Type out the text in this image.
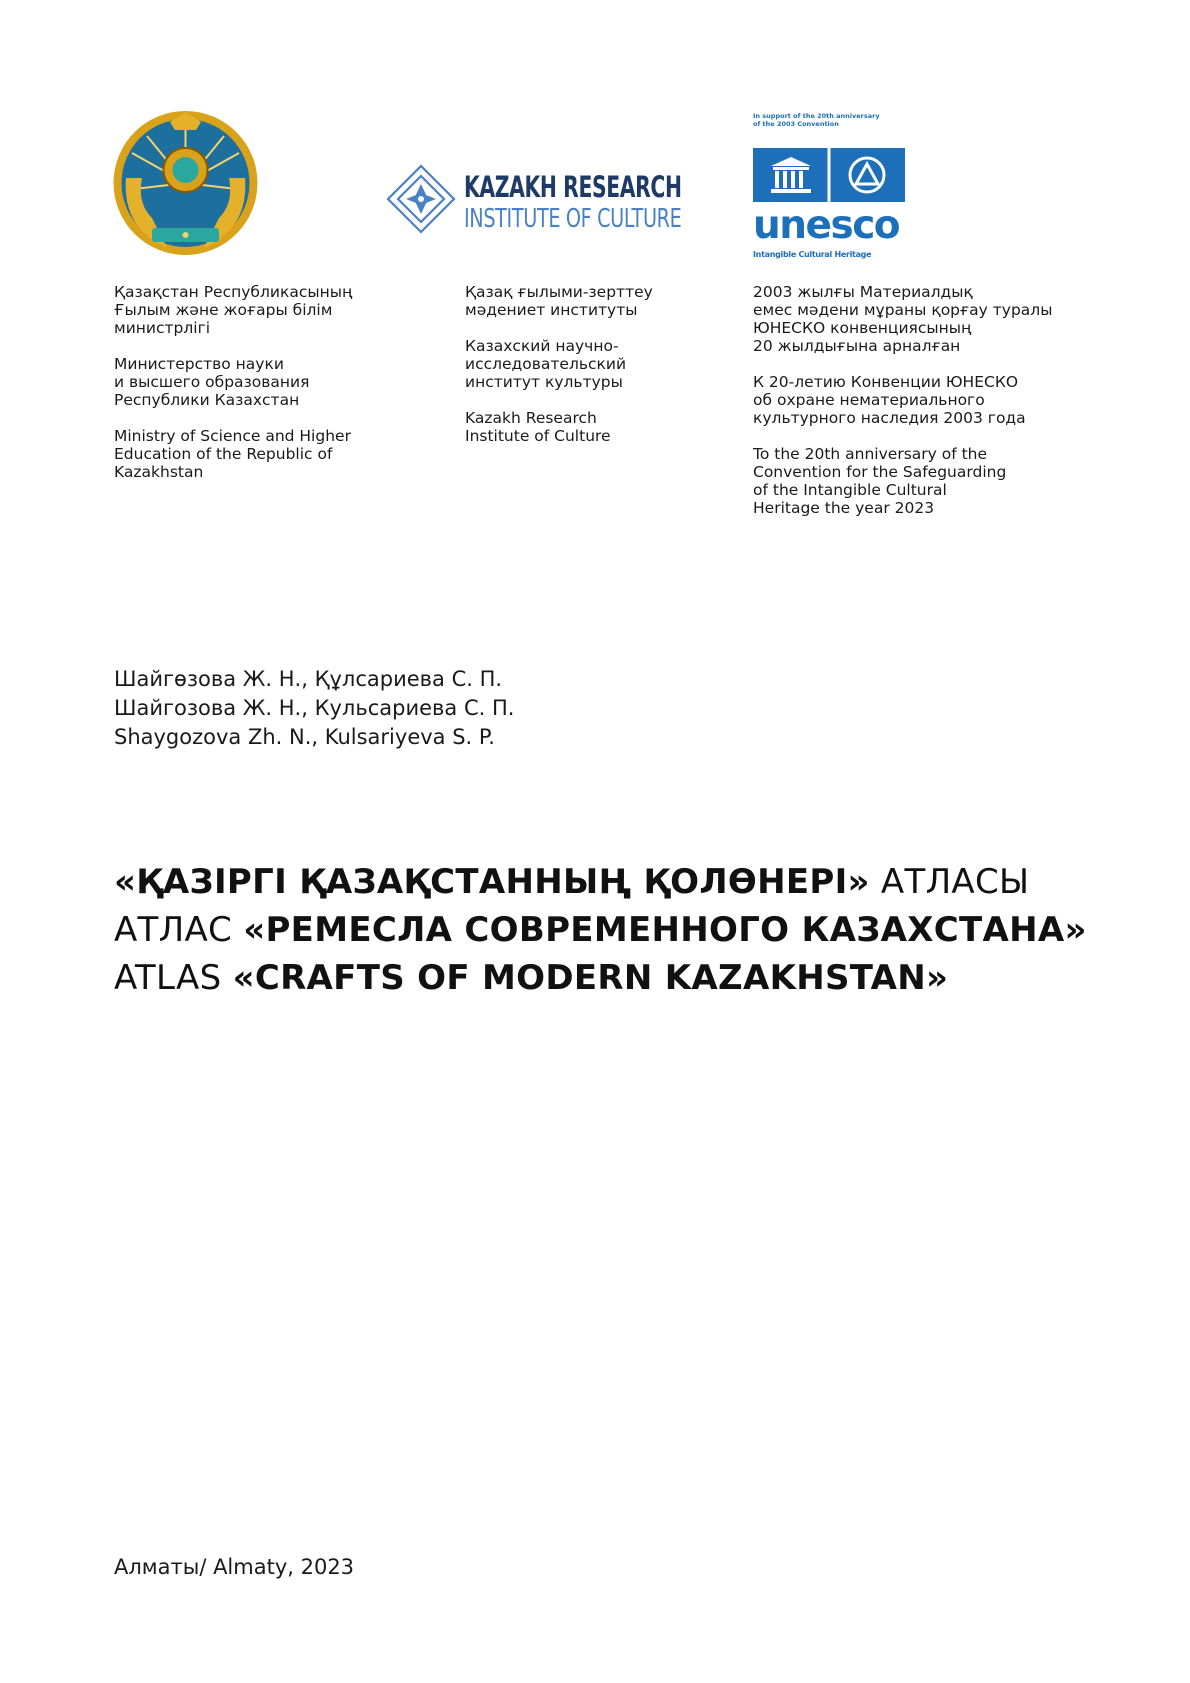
KAZAKH RESEARCH
INSTITUTE OF CULTURE
In support of the 20th anniversary
of the 2003 Convention
unesco
Intangible Cultural Heritage

Қазақстан Республикасының
Ғылым және жоғары білім
министрлігі

Министерство науки
и высшего образования
Республики Казахстан

Ministry of Science and Higher
Education of the Republic of
Kazakhstan

Қазақ ғылыми-зерттеу
мәдениет институты

Казахский научно-
исследовательский
институт культуры

Kazakh Research
Institute of Culture

2003 жылғы Материалдық
емес мәдени мұраны қорғау туралы
ЮНЕСКО конвенциясының
20 жылдығына арналған

К 20-летию Конвенции ЮНЕСКО
об охране нематериального
культурного наследия 2003 года

To the 20th anniversary of the
Convention for the Safeguarding
of the Intangible Cultural
Heritage the year 2023

Шайгөзова Ж. Н., Құлсариева С. П.
Шайгозова Ж. Н., Кульсариева С. П.
Shaygozova Zh. N., Kulsariyeva S. P.
«ҚАЗІРГІ ҚАЗАҚСТАННЫҢ ҚОЛӨНЕРІ» АТЛАСЫ
АТЛАС «РЕМЕСЛА СОВРЕМЕННОГО КАЗАХСТАНА»
ATLAS «CRAFTS OF MODERN KAZAKHSTAN»
Алматы/ Almaty, 2023
